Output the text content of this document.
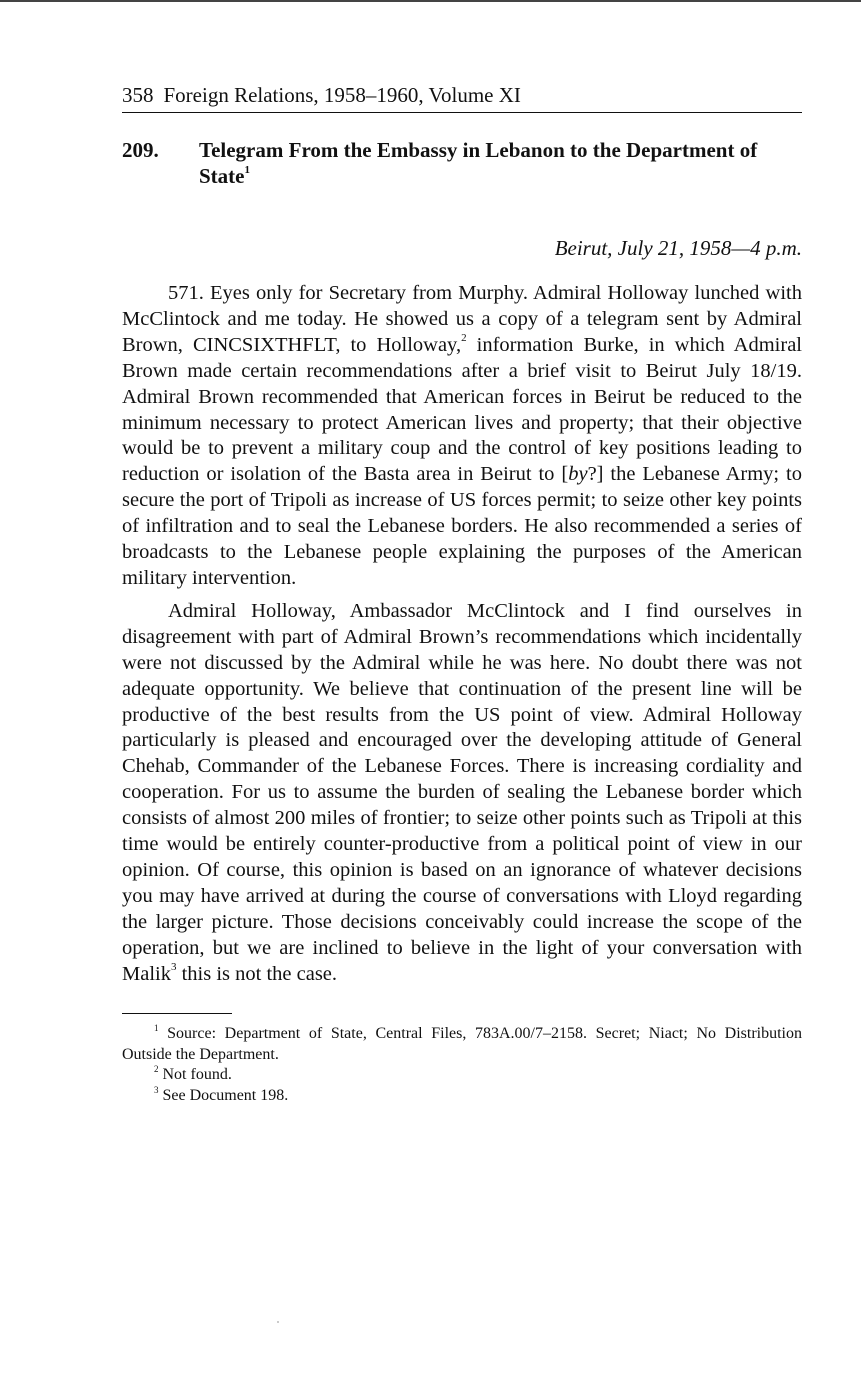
358 Foreign Relations, 1958–1960, Volume XI
209.	Telegram From the Embassy in Lebanon to the Department of State$^1$
Beirut, July 21, 1958—4 p.m.

571. Eyes only for Secretary from Murphy. Admiral Holloway lunched with McClintock and me today. He showed us a copy of a telegram sent by Admiral Brown, CINCSIXTHFLT, to Holloway,$^2$ information Burke, in which Admiral Brown made certain recommendations after a brief visit to Beirut July 18/19. Admiral Brown recommended that American forces in Beirut be reduced to the minimum necessary to protect American lives and property; that their objective would be to prevent a military coup and the control of key positions leading to reduction or isolation of the Basta area in Beirut to [by?] the Lebanese Army; to secure the port of Tripoli as increase of US forces permit; to seize other key points of infiltration and to seal the Lebanese borders. He also recommended a series of broadcasts to the Lebanese people explaining the purposes of the American military intervention.

Admiral Holloway, Ambassador McClintock and I find ourselves in disagreement with part of Admiral Brown’s recommendations which incidentally were not discussed by the Admiral while he was here. No doubt there was not adequate opportunity. We believe that continuation of the present line will be productive of the best results from the US point of view. Admiral Holloway particularly is pleased and encouraged over the developing attitude of General Chehab, Commander of the Lebanese Forces. There is increasing cordiality and cooperation. For us to assume the burden of sealing the Lebanese border which consists of almost 200 miles of frontier; to seize other points such as Tripoli at this time would be entirely counter-productive from a political point of view in our opinion. Of course, this opinion is based on an ignorance of whatever decisions you may have arrived at during the course of conversations with Lloyd regarding the larger picture. Those decisions conceivably could increase the scope of the operation, but we are inclined to believe in the light of your conversation with Malik$^3$ this is not the case.

$^1$ Source: Department of State, Central Files, 783A.00/7–2158. Secret; Niact; No Distribution Outside the Department.
$^2$ Not found.
$^3$ See Document 198.
